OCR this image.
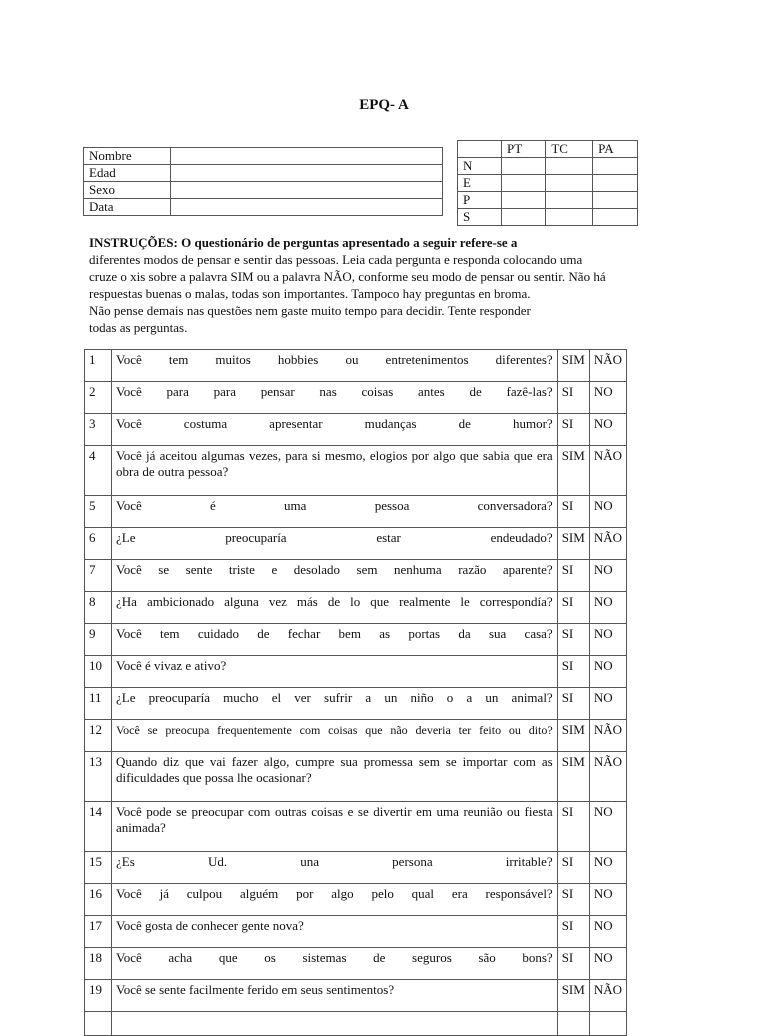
EPQ- A
Nombre	
Edad	
Sexo	
Data	
	PT	TC	PA
N			
E			
P			
S			
INSTRUÇÕES: O questionário de perguntas apresentado a seguir refere-se a
diferentes modos de pensar e sentir das pessoas. Leia cada pergunta e responda colocando uma
cruze o xis sobre a palavra SIM ou a palavra NÃO, conforme seu modo de pensar ou sentir. Não há
respuestas buenas o malas, todas son importantes. Tampoco hay preguntas en broma.
Não pense demais nas questões nem gaste muito tempo para decidir. Tente responder
todas as perguntas.
1	Você tem muitos hobbies ou entretenimentos diferentes?	SIM	NÃO
2	Você para para pensar nas coisas antes de fazê-las?	SI	NO
3	Você costuma apresentar mudanças de humor?	SI	NO
4	Você já aceitou algumas vezes, para si mesmo, elogios por algo que sabia que era obra de outra pessoa?	SIM	NÃO
5	Você é uma pessoa conversadora?	SI	NO
6	¿Le preocuparía estar endeudado?	SIM	NÃO
7	Você se sente triste e desolado sem nenhuma razão aparente?	SI	NO
8	¿Ha ambicionado alguna vez más de lo que realmente le correspondía?	SI	NO
9	Você tem cuidado de fechar bem as portas da sua casa?	SI	NO
10	Você é vivaz e ativo?	SI	NO
11	¿Le preocuparía mucho el ver sufrir a un niño o a un animal?	SI	NO
12	Você se preocupa frequentemente com coisas que não deveria ter feito ou dito?	SIM	NÃO
13	Quando diz que vai fazer algo, cumpre sua promessa sem se importar com as dificuldades que possa lhe ocasionar?	SIM	NÃO
14	Você pode se preocupar com outras coisas e se divertir em uma reunião ou fiesta animada?	SI	NO
15	¿Es Ud. una persona irritable?	SI	NO
16	Você já culpou alguém por algo pelo qual era responsável?	SI	NO
17	Você gosta de conhecer gente nova?	SI	NO
18	Você acha que os sistemas de seguros são bons?	SI	NO
19	Você se sente facilmente ferido em seus sentimentos?	SIM	NÃO
